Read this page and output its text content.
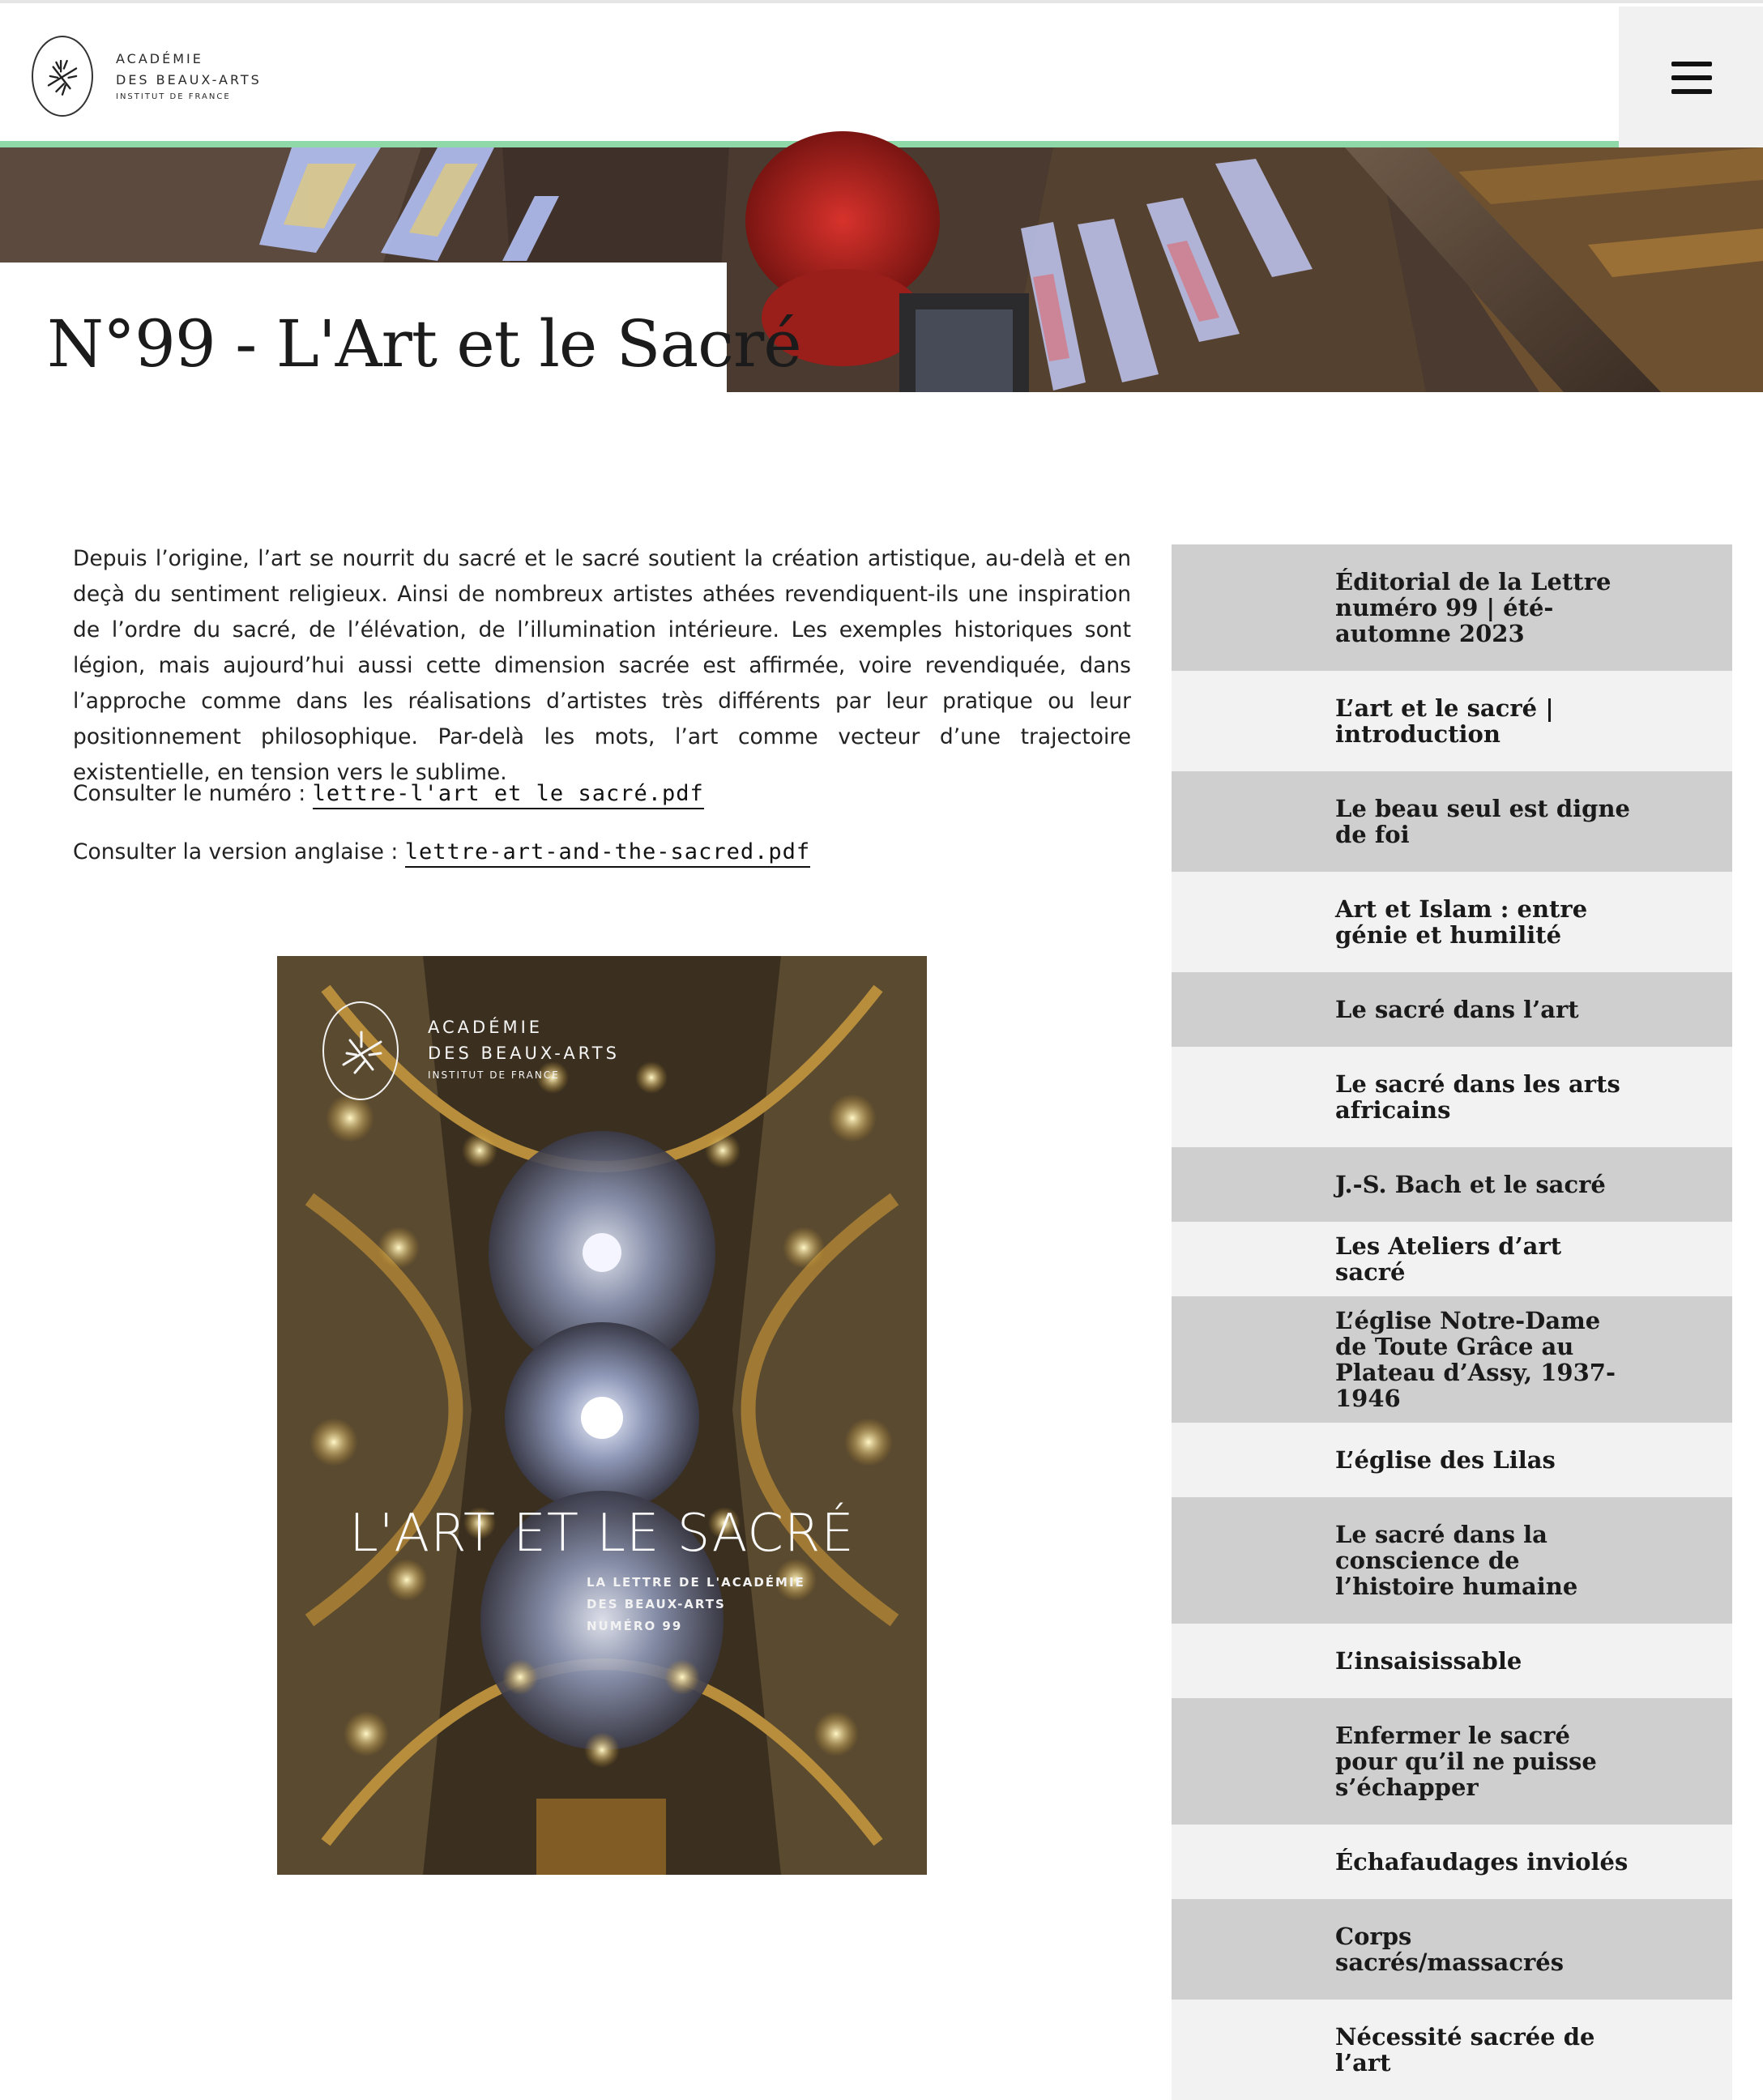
ACADÉMIE
DES BEAUX-ARTS
INSTITUT DE FRANCE
N°99 - L'Art et le Sacré

Depuis l’origine, l’art se nourrit du sacré et le sacré soutient la création artistique, au-delà et en deçà du sentiment religieux. Ainsi de nombreux artistes athées revendiquent-ils une inspiration de l’ordre du sacré, de l’élévation, de l’illumination intérieure. Les exemples historiques sont légion, mais aujourd’hui aussi cette dimension sacrée est affirmée, voire revendiquée, dans l’approche comme dans les réalisations d’artistes très différents par leur pratique ou leur positionnement philosophique. Par-delà les mots, l’art comme vecteur d’une trajectoire existentielle, en tension vers le sublime.

Consulter le numéro : lettre-l'art et le sacré.pdf

Consulter la version anglaise : lettre-art-and-the-sacred.pdf

ACADÉMIE
DES BEAUX-ARTS
INSTITUT DE FRANCE
L'ART ET LE SACRÉ
LA LETTRE DE L'ACADÉMIE
DES BEAUX-ARTS
NUMÉRO 99
Éditorial de la Lettre numéro 99 | été-automne 2023
L’art et le sacré | introduction
Le beau seul est digne de foi
Art et Islam : entre génie et humilité
Le sacré dans l’art
Le sacré dans les arts africains
J.-S. Bach et le sacré
Les Ateliers d’art sacré
L’église Notre-Dame de Toute Grâce au Plateau d’Assy, 1937-1946
L’église des Lilas
Le sacré dans la conscience de l’histoire humaine
L’insaisissable
Enfermer le sacré pour qu’il ne puisse s’échapper
Échafaudages inviolés
Corps sacrés/massacrés
Nécessité sacrée de l’art
